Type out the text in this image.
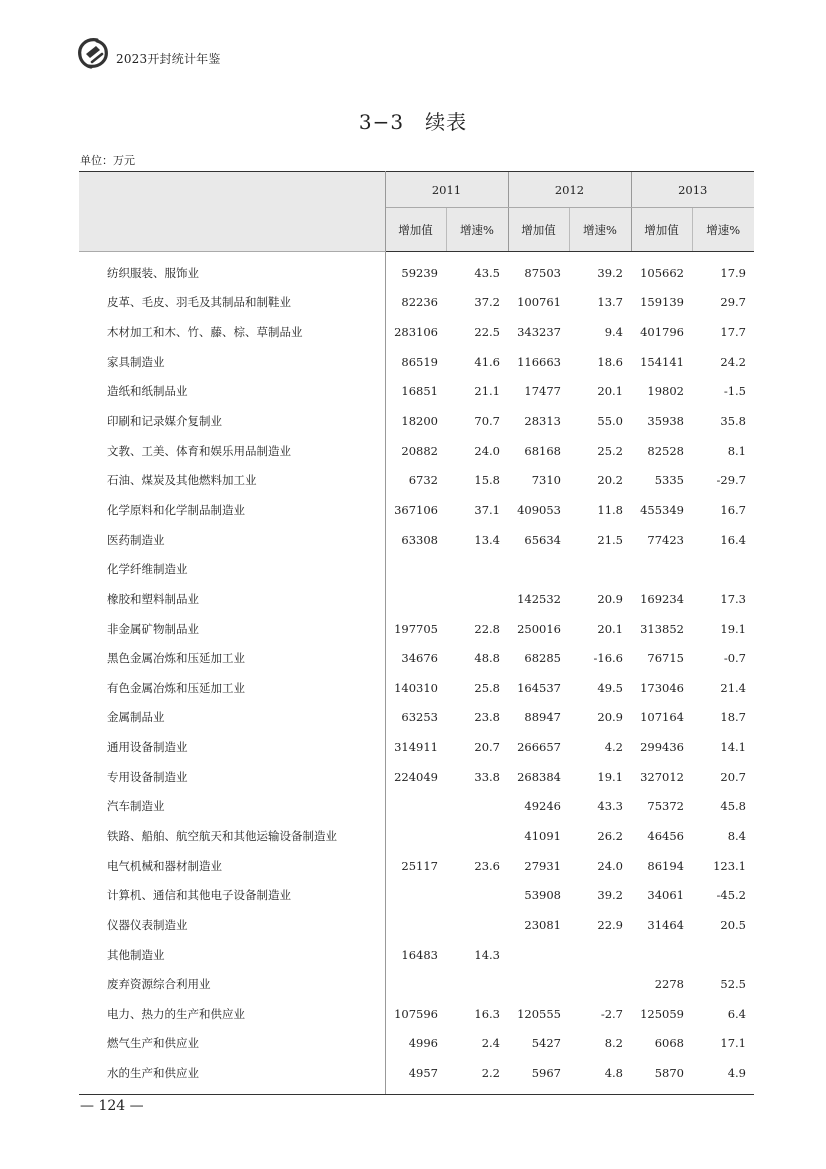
2023开封统计年鉴
3−3　续表
单位：万元
	2011		2012		2013	
	增加值	增速%	增加值	增速%	增加值	增速%
纺织服装、服饰业	59239	43.5	87503	39.2	105662	17.9
皮革、毛皮、羽毛及其制品和制鞋业	82236	37.2	100761	13.7	159139	29.7
木材加工和木、竹、藤、棕、草制品业	283106	22.5	343237	9.4	401796	17.7
家具制造业	86519	41.6	116663	18.6	154141	24.2
造纸和纸制品业	16851	21.1	17477	20.1	19802	-1.5
印刷和记录媒介复制业	18200	70.7	28313	55.0	35938	35.8
文教、工美、体育和娱乐用品制造业	20882	24.0	68168	25.2	82528	8.1
石油、煤炭及其他燃料加工业	6732	15.8	7310	20.2	5335	-29.7
化学原料和化学制品制造业	367106	37.1	409053	11.8	455349	16.7
医药制造业	63308	13.4	65634	21.5	77423	16.4
化学纤维制造业						
橡胶和塑料制品业			142532	20.9	169234	17.3
非金属矿物制品业	197705	22.8	250016	20.1	313852	19.1
黑色金属冶炼和压延加工业	34676	48.8	68285	-16.6	76715	-0.7
有色金属冶炼和压延加工业	140310	25.8	164537	49.5	173046	21.4
金属制品业	63253	23.8	88947	20.9	107164	18.7
通用设备制造业	314911	20.7	266657	4.2	299436	14.1
专用设备制造业	224049	33.8	268384	19.1	327012	20.7
汽车制造业			49246	43.3	75372	45.8
铁路、船舶、航空航天和其他运输设备制造业			41091	26.2	46456	8.4
电气机械和器材制造业	25117	23.6	27931	24.0	86194	123.1
计算机、通信和其他电子设备制造业			53908	39.2	34061	-45.2
仪器仪表制造业			23081	22.9	31464	20.5
其他制造业	16483	14.3				
废弃资源综合利用业					2278	52.5
电力、热力的生产和供应业	107596	16.3	120555	-2.7	125059	6.4
燃气生产和供应业	4996	2.4	5427	8.2	6068	17.1
水的生产和供应业	4957	2.2	5967	4.8	5870	4.9
— 124 —
